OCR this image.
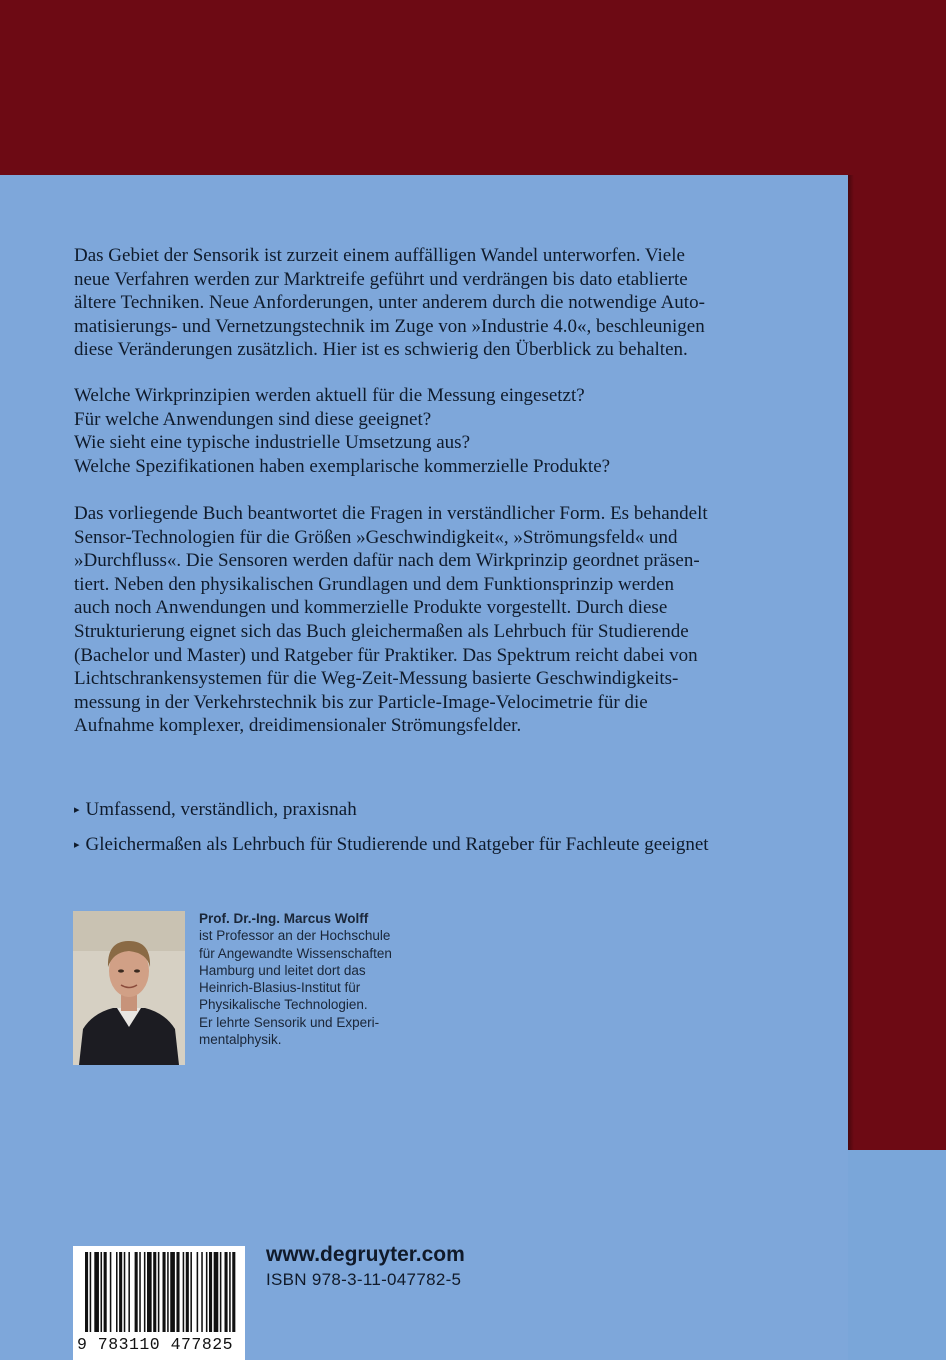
Das Gebiet der Sensorik ist zurzeit einem auffälligen Wandel unterworfen. Viele

neue Verfahren werden zur Marktreife geführt und verdrängen bis dato etablierte

ältere Techniken. Neue Anforderungen, unter anderem durch die notwendige Auto-

matisierungs- und Vernetzungstechnik im Zuge von »Industrie 4.0«, beschleunigen

diese Veränderungen zusätzlich. Hier ist es schwierig den Überblick zu behalten.

Welche Wirkprinzipien werden aktuell für die Messung eingesetzt?

Für welche Anwendungen sind diese geeignet?

Wie sieht eine typische industrielle Umsetzung aus?

Welche Spezifikationen haben exemplarische kommerzielle Produkte?

Das vorliegende Buch beantwortet die Fragen in verständlicher Form. Es behandelt

Sensor-Technologien für die Größen »Geschwindigkeit«, »Strömungsfeld« und

»Durchfluss«. Die Sensoren werden dafür nach dem Wirkprinzip geordnet präsen-

tiert. Neben den physikalischen Grundlagen und dem Funktionsprinzip werden

auch noch Anwendungen und kommerzielle Produkte vorgestellt. Durch diese

Strukturierung eignet sich das Buch gleichermaßen als Lehrbuch für Studierende

(Bachelor und Master) und Ratgeber für Praktiker. Das Spektrum reicht dabei von

Lichtschrankensystemen für die Weg-Zeit-Messung basierte Geschwindigkeits-

messung in der Verkehrstechnik bis zur Particle-Image-Velocimetrie für die

Aufnahme komplexer, dreidimensionaler Strömungsfelder.

▸ Umfassend, verständlich, praxisnah
▸ Gleichermaßen als Lehrbuch für Studierende und Ratgeber für Fachleute geeignet
Prof. Dr.-Ing. Marcus Wolff
ist Professor an der Hochschule
für Angewandte Wissenschaften
Hamburg und leitet dort das
Heinrich-Blasius-Institut für
Physikalische Technologien.
Er lehrte Sensorik und Experi-
mentalphysik.
9 783110 477825
www.degruyter.com
ISBN 978-3-11-047782-5
